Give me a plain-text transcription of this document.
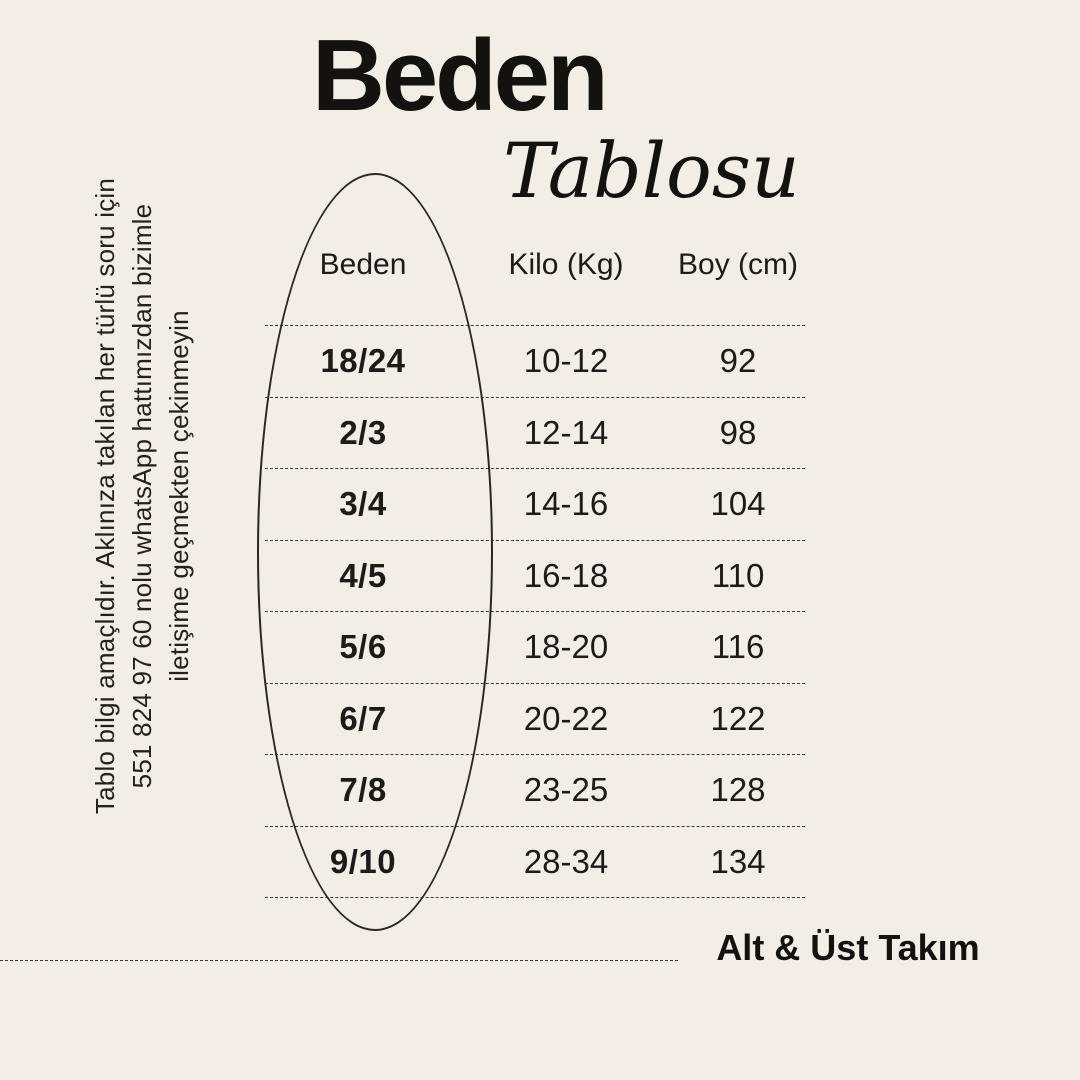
Beden
Tablosu
Tablo bilgi amaçlıdır. Aklınıza takılan her türlü soru için 551 824 97 60 nolu whatsApp hattımızdan bizimle iletişime geçmekten çekinmeyin
Beden	Kilo (Kg)	Boy (cm)
18/24	10-12	92
2/3	12-14	98
3/4	14-16	104
4/5	16-18	110
5/6	18-20	116
6/7	20-22	122
7/8	23-25	128
9/10	28-34	134
Alt & Üst Takım
